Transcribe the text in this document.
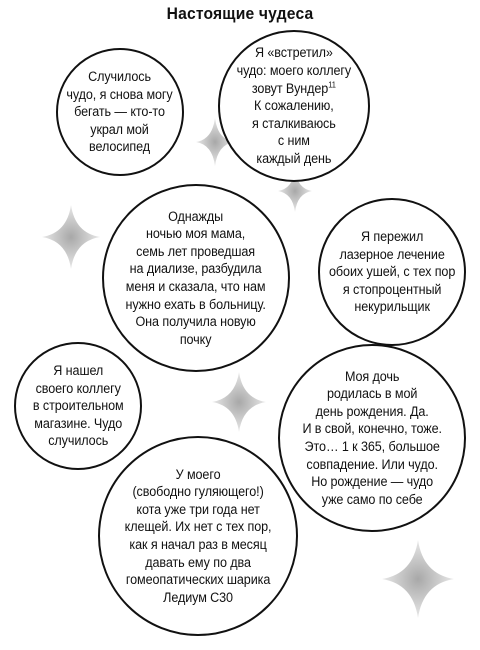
Настоящие чудеса
Случилось
чудо, я снова могу
бегать — кто-то
украл мой
велосипед
Я «встретил»
чудо: моего коллегу
зовут Вундер$^{11}$
К сожалению,
я сталкиваюсь
с ним
каждый день
Я пережил
лазерное лечение
обоих ушей, с тех пор
я стопроцентный
некурильщик
Однажды
ночью моя мама,
семь лет проведшая
на диализе, разбудила
меня и сказала, что нам
нужно ехать в больницу.
Она получила новую
почку
Я нашел
своего коллегу
в строительном
магазине. Чудо
случилось
Моя дочь
родилась в мой
день рождения. Да.
И в свой, конечно, тоже.
Это… 1 к 365, большое
совпадение. Или чудо.
Но рождение — чудо
уже само по себе
У моего
(свободно гуляющего!)
кота уже три года нет
клещей. Их нет с тех пор,
как я начал раз в месяц
давать ему по два
гомеопатических шарика
Ледиум С30
